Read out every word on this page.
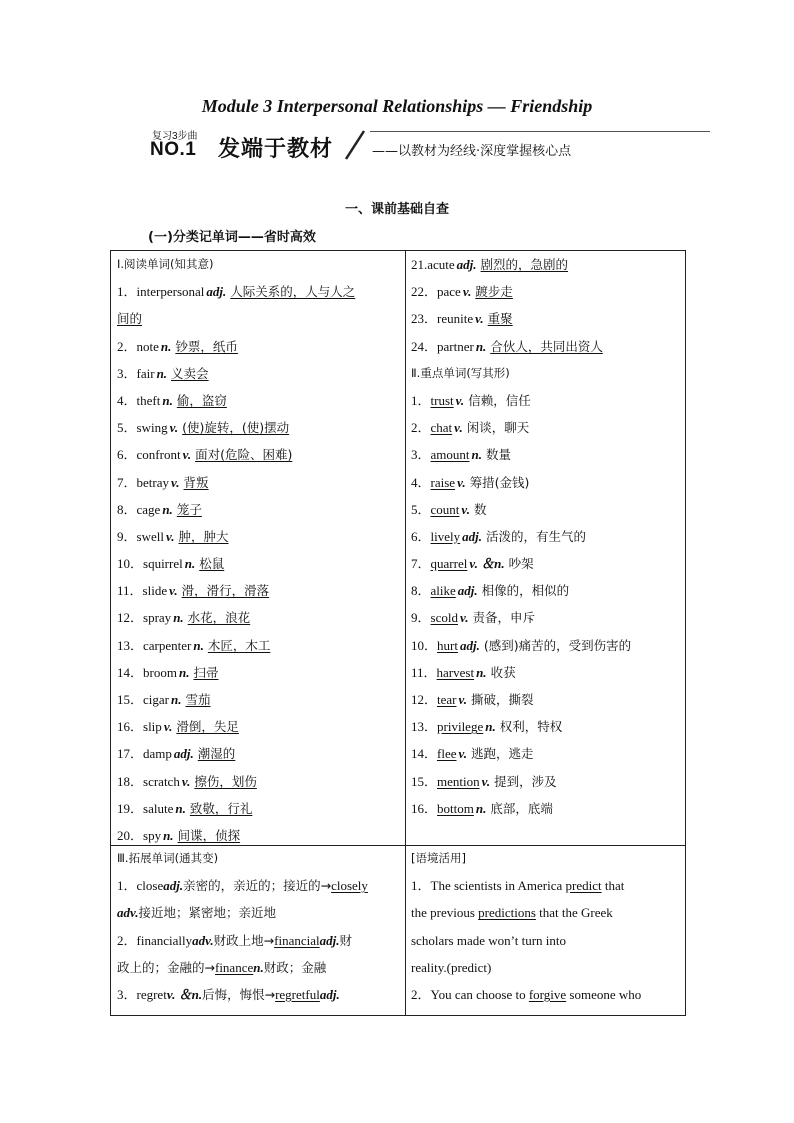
Module 3 Interpersonal Relationships — Friendship
复习3步曲
NO.1 发端于教材	——以教材为经线·深度掌握核心点
一、课前基础自查
(一)分类记单词——省时高效
Ⅰ.阅读单词(知其意)
1．interpersonal adj. 人际关系的，人与人之
间的
2．note n. 钞票，纸币
3．fair n. 义卖会
4．theft n. 偷，盗窃
5．swing v. (使)旋转，(使)摆动
6．confront v. 面对(危险、困难)
7．betray v. 背叛
8．cage n. 笼子
9．swell v. 肿，肿大
10．squirrel n. 松鼠
11．slide v. 滑，滑行，滑落
12．spray n. 水花，浪花
13．carpenter n. 木匠，木工
14．broom n. 扫帚
15．cigar n. 雪茄
16．slip v. 滑倒，失足
17．damp adj. 潮湿的
18．scratch v. 擦伤，划伤
19．salute n. 致敬，行礼
20．spy n. 间谍，侦探
21.acute adj. 剧烈的，急剧的
22．pace v. 踱步走
23．reunite v. 重聚
24．partner n. 合伙人，共同出资人
Ⅱ.重点单词(写其形)
1．trust v. 信赖，信任
2．chat v. 闲谈，聊天
3．amount n. 数量
4．raise v. 筹措(金钱)
5．count v. 数
6．lively adj. 活泼的，有生气的
7．quarrel v. ＆n. 吵架
8．alike adj. 相像的，相似的
9．scold v. 责备，申斥
10．hurt adj. (感到)痛苦的，受到伤害的
11．harvest n. 收获
12．tear v. 撕破，撕裂
13．privilege n. 权利，特权
14．flee v. 逃跑，逃走
15．mention v. 提到，涉及
16．bottom n. 底部，底端
Ⅲ.拓展单词(通其变)
1．closeadj.亲密的，亲近的；接近的→closely
adv.接近地；紧密地；亲近地
2．financiallyadv.财政上地→financialadj.财
政上的；金融的→financen.财政；金融
3．regretv. ＆n.后悔，悔恨→regretfuladj.
[语境活用]
1．The scientists in America predict that
the previous predictions that the Greek
scholars made won’t turn into
reality.(predict)
2．You can choose to forgive someone who
